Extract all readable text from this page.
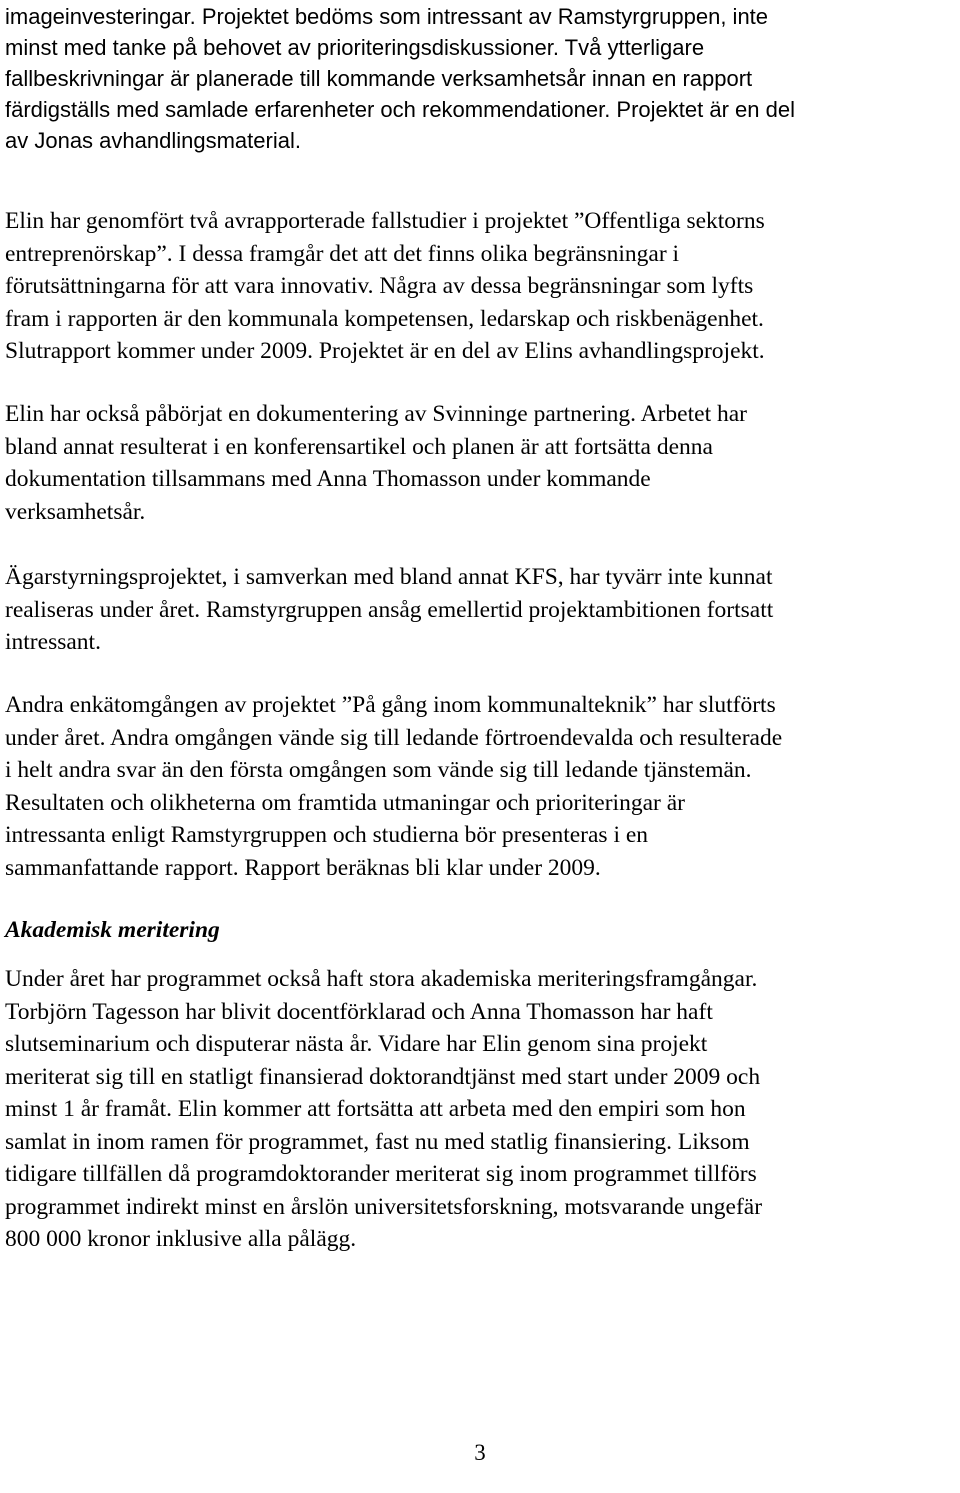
imageinvesteringar. Projektet bedöms som intressant av Ramstyrgruppen, inte
minst med tanke på behovet av prioriteringsdiskussioner. Två ytterligare
fallbeskrivningar är planerade till kommande verksamhetsår innan en rapport
färdigställs med samlade erfarenheter och rekommendationer. Projektet är en del
av Jonas avhandlingsmaterial.
Elin har genomfört två avrapporterade fallstudier i projektet ”Offentliga sektorns
entreprenörskap”. I dessa framgår det att det finns olika begränsningar i
förutsättningarna för att vara innovativ. Några av dessa begränsningar som lyfts
fram i rapporten är den kommunala kompetensen, ledarskap och riskbenägenhet.
Slutrapport kommer under 2009. Projektet är en del av Elins avhandlingsprojekt.
Elin har också påbörjat en dokumentering av Svinninge partnering. Arbetet har
bland annat resulterat i en konferensartikel och planen är att fortsätta denna
dokumentation tillsammans med Anna Thomasson under kommande
verksamhetsår.
Ägarstyrningsprojektet, i samverkan med bland annat KFS, har tyvärr inte kunnat
realiseras under året. Ramstyrgruppen ansåg emellertid projektambitionen fortsatt
intressant.
Andra enkätomgången av projektet ”På gång inom kommunalteknik” har slutförts
under året. Andra omgången vände sig till ledande förtroendevalda och resulterade
i helt andra svar än den första omgången som vände sig till ledande tjänstemän.
Resultaten och olikheterna om framtida utmaningar och prioriteringar är
intressanta enligt Ramstyrgruppen och studierna bör presenteras i en
sammanfattande rapport. Rapport beräknas bli klar under 2009.
Akademisk meritering
Under året har programmet också haft stora akademiska meriteringsframgångar.
Torbjörn Tagesson har blivit docentförklarad och Anna Thomasson har haft
slutseminarium och disputerar nästa år. Vidare har Elin genom sina projekt
meriterat sig till en statligt finansierad doktorandtjänst med start under 2009 och
minst 1 år framåt. Elin kommer att fortsätta att arbeta med den empiri som hon
samlat in inom ramen för programmet, fast nu med statlig finansiering. Liksom
tidigare tillfällen då programdoktorander meriterat sig inom programmet tillförs
programmet indirekt minst en årslön universitetsforskning, motsvarande ungefär
800 000 kronor inklusive alla pålägg.
3
